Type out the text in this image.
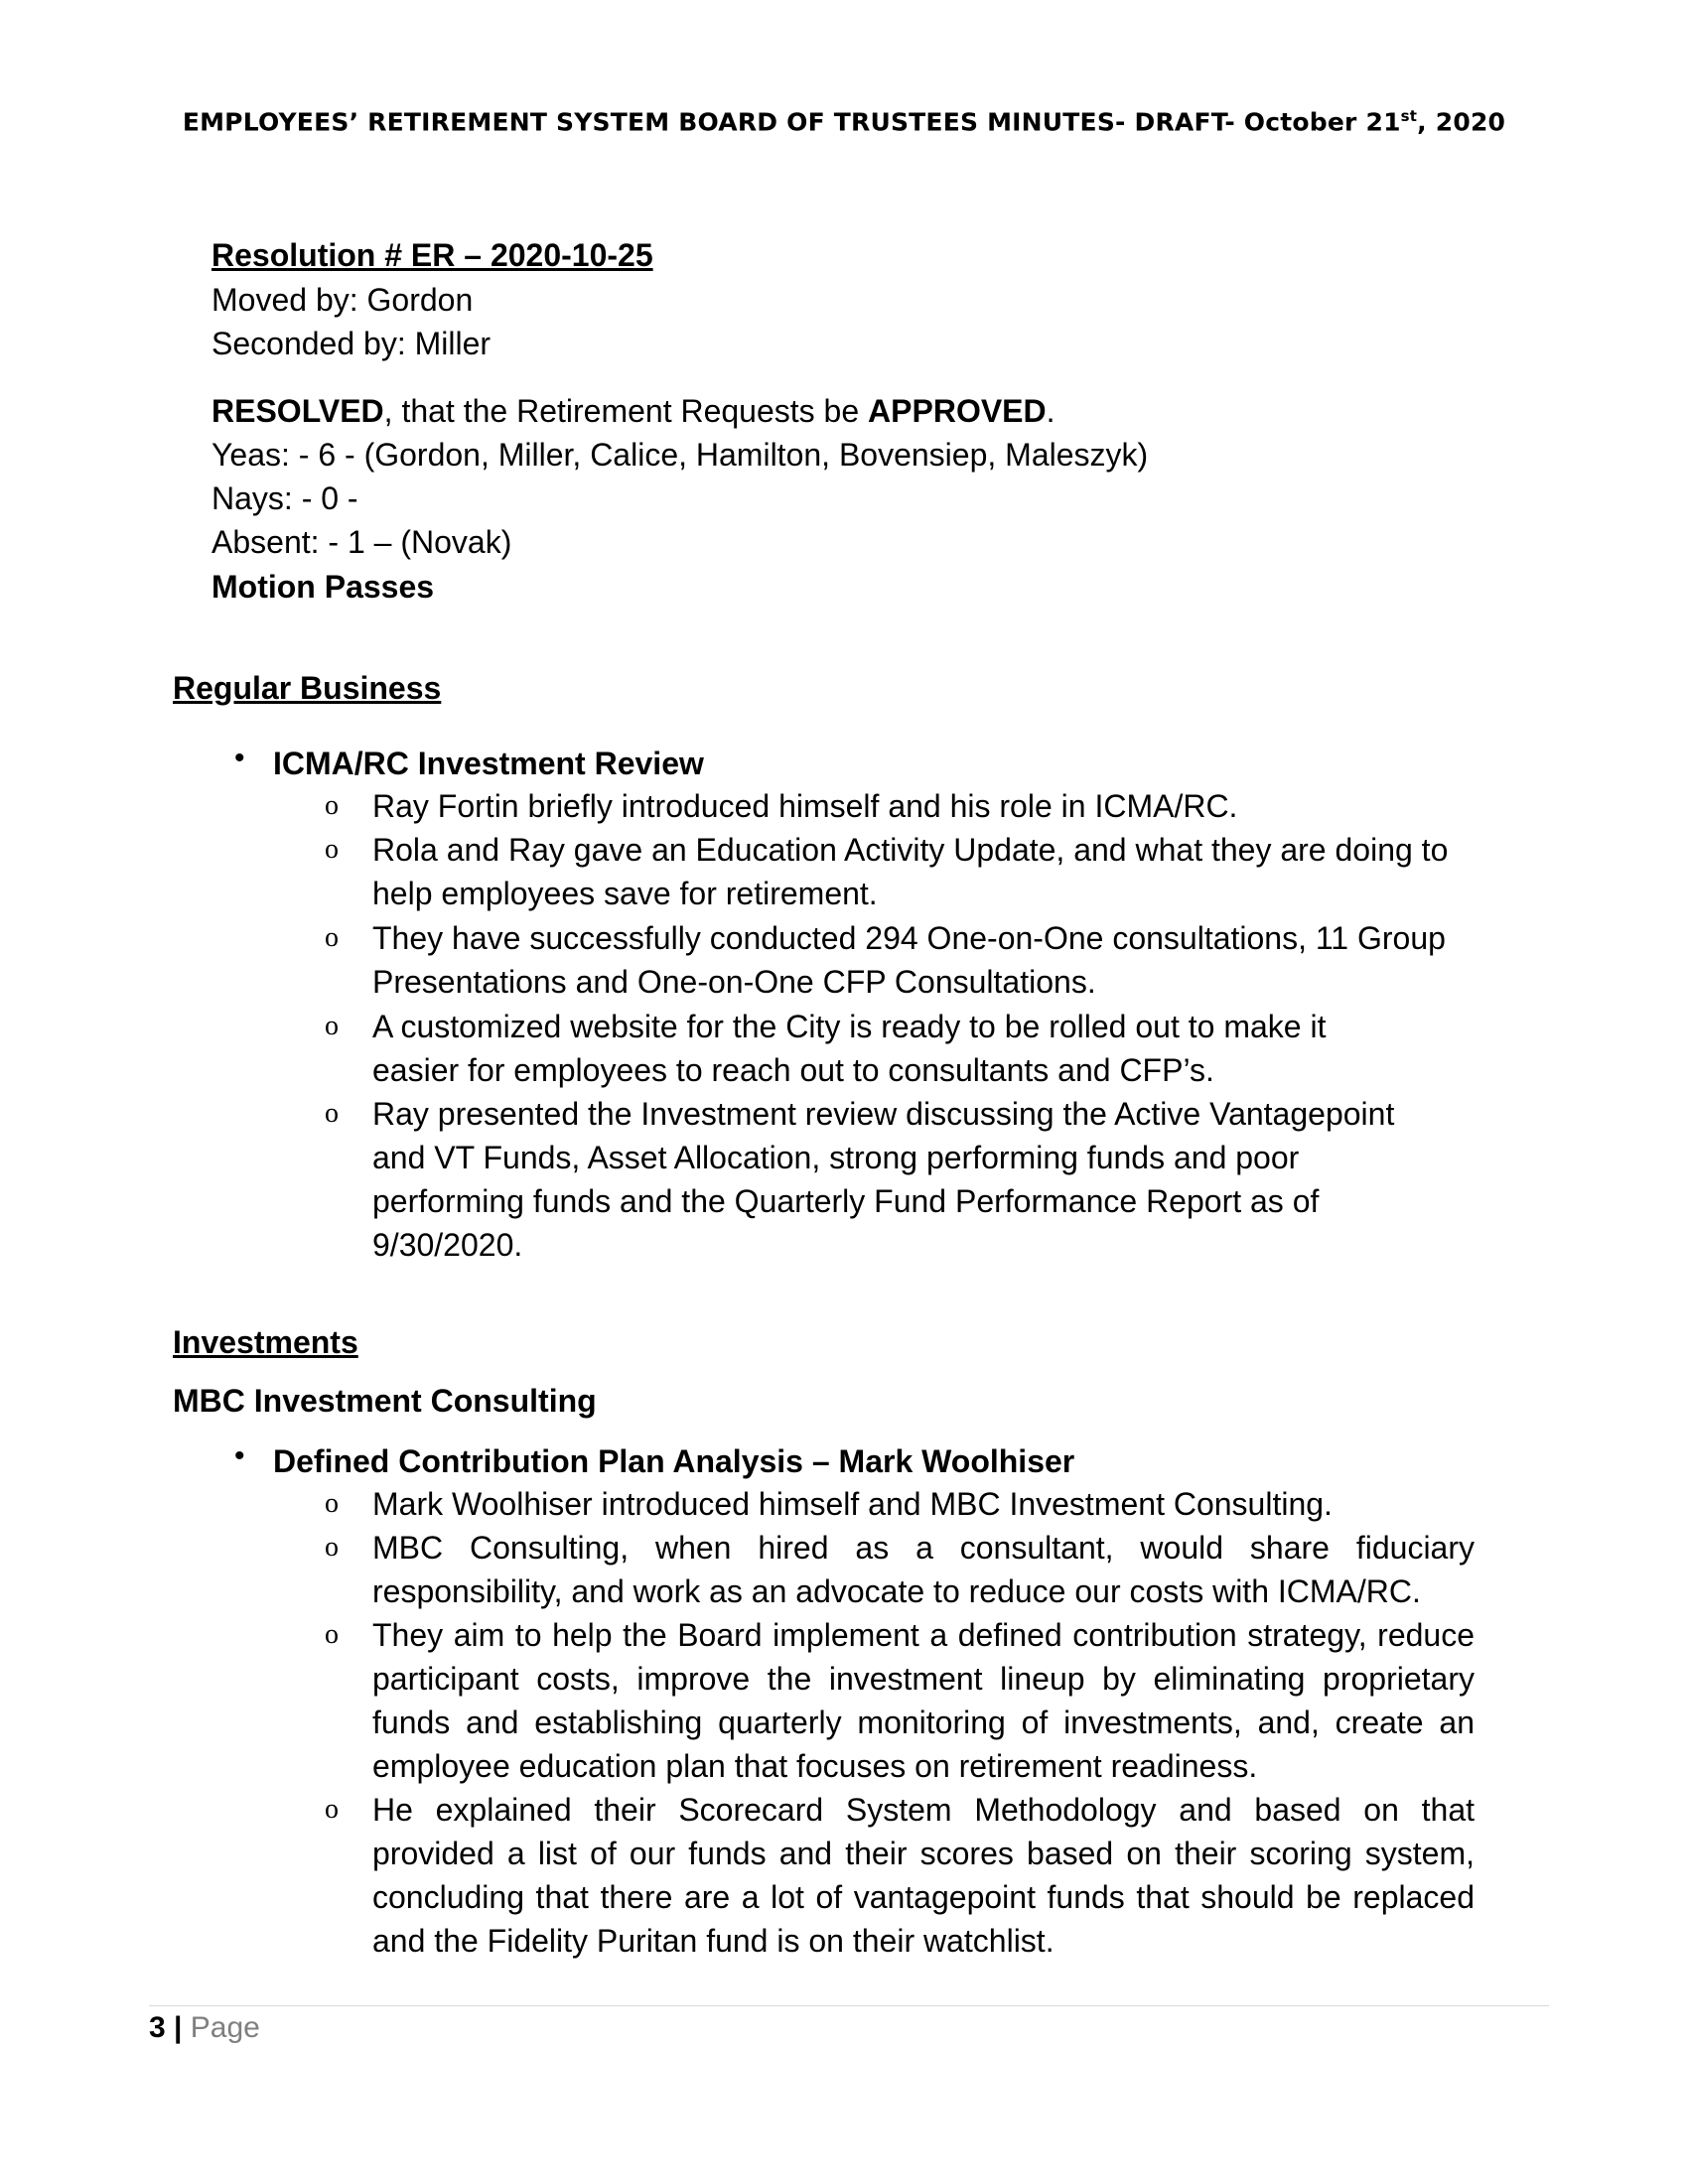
EMPLOYEES’ RETIREMENT SYSTEM BOARD OF TRUSTEES MINUTES- DRAFT- October 21st, 2020
Resolution # ER – 2020-10-25
Moved by: Gordon
Seconded by: Miller
RESOLVED, that the Retirement Requests be APPROVED.
Yeas: - 6 - (Gordon, Miller, Calice, Hamilton, Bovensiep, Maleszyk)
Nays: - 0 -
Absent: - 1 – (Novak)
Motion Passes
Regular Business
• ICMA/RC Investment Review
o Ray Fortin briefly introduced himself and his role in ICMA/RC.
o Rola and Ray gave an Education Activity Update, and what they are doing to help employees save for retirement.
o They have successfully conducted 294 One-on-One consultations, 11 Group Presentations and One-on-One CFP Consultations.
o A customized website for the City is ready to be rolled out to make it easier for employees to reach out to consultants and CFP’s.
o Ray presented the Investment review discussing the Active Vantagepoint and VT Funds, Asset Allocation, strong performing funds and poor performing funds and the Quarterly Fund Performance Report as of 9/30/2020.
Investments
MBC Investment Consulting
• Defined Contribution Plan Analysis – Mark Woolhiser
o Mark Woolhiser introduced himself and MBC Investment Consulting.
o MBC Consulting, when hired as a consultant, would share fiduciary responsibility, and work as an advocate to reduce our costs with ICMA/RC.
o They aim to help the Board implement a defined contribution strategy, reduce participant costs, improve the investment lineup by eliminating proprietary funds and establishing quarterly monitoring of investments, and, create an employee education plan that focuses on retirement readiness.
o He explained their Scorecard System Methodology and based on that provided a list of our funds and their scores based on their scoring system, concluding that there are a lot of vantagepoint funds that should be replaced and the Fidelity Puritan fund is on their watchlist.
3 | Page
